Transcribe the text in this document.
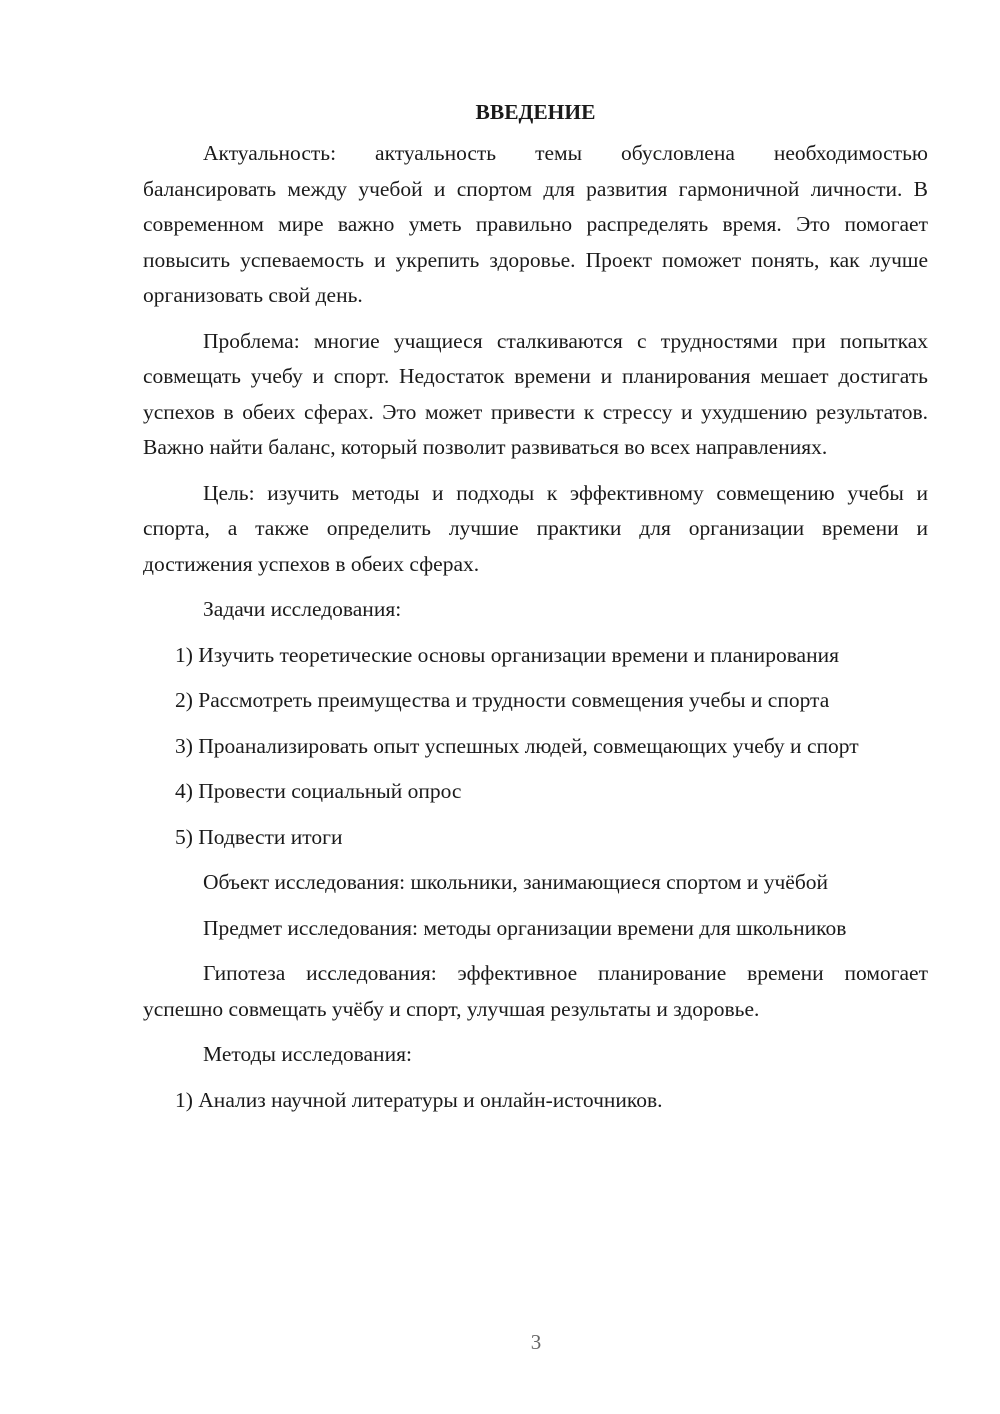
ВВЕДЕНИЕ

Актуальность: актуальность темы обусловлена необходимостью балансировать между учебой и спортом для развития гармоничной личности. В современном мире важно уметь правильно распределять время. Это помогает повысить успеваемость и укрепить здоровье. Проект поможет понять, как лучше организовать свой день.

Проблема: многие учащиеся сталкиваются с трудностями при попытках совмещать учебу и спорт. Недостаток времени и планирования мешает достигать успехов в обеих сферах. Это может привести к стрессу и ухудшению результатов. Важно найти баланс, который позволит развиваться во всех направлениях.

Цель: изучить методы и подходы к эффективному совмещению учебы и спорта, а также определить лучшие практики для организации времени и достижения успехов в обеих сферах.

Задачи исследования:

1) Изучить теоретические основы организации времени и планирования

2) Рассмотреть преимущества и трудности совмещения учебы и спорта

3) Проанализировать опыт успешных людей, совмещающих учебу и спорт

4) Провести социальный опрос

5) Подвести итоги

Объект исследования: школьники, занимающиеся спортом и учёбой

Предмет исследования: методы организации времени для школьников

Гипотеза исследования: эффективное планирование времени помогает успешно совмещать учёбу и спорт, улучшая результаты и здоровье.

Методы исследования:

1) Анализ научной литературы и онлайн-источников.

3
